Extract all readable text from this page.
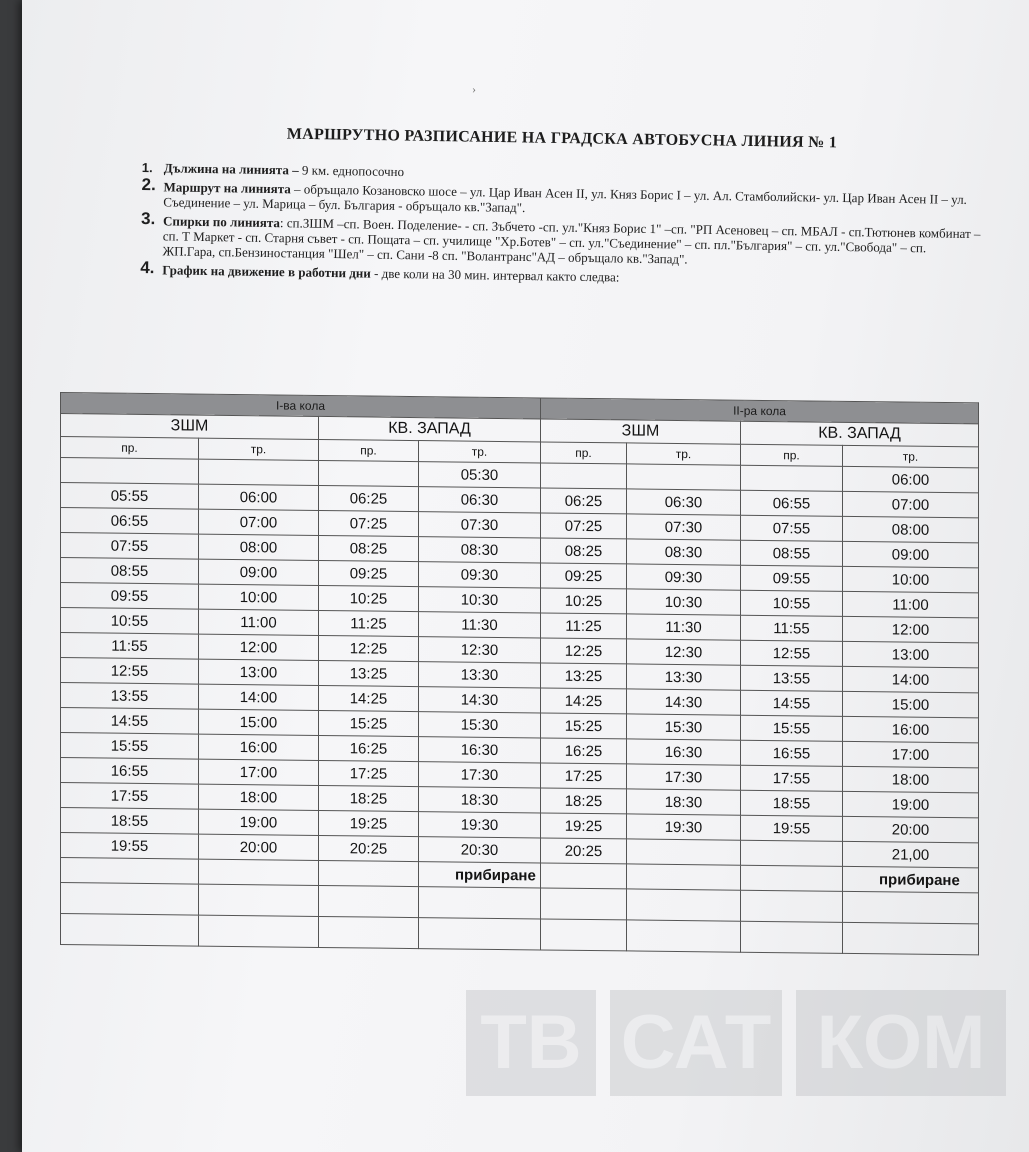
›
МАРШРУТНО РАЗПИСАНИЕ НА ГРАДСКА АВТОБУСНА ЛИНИЯ № 1
1. Дължина на линията – 9 км. еднопосочно
2. Маршрут на линията – обръщало Козановско шосе – ул. Цар Иван Асен II, ул. Княз Борис I – ул. Ал. Стамболийски- ул. Цар Иван Асен II – ул. Съединение – ул. Марица – бул. България - обръщало кв."Запад".
3. Спирки по линията: сп.ЗШМ –сп. Воен. Поделение- - сп. Зъбчето -сп. ул."Княз Борис 1" –сп. "РП Асеновец – сп. МБАЛ - сп.Тютюнев комбинат – сп. Т Маркет - сп. Старня съвет - сп. Пощата – сп. училище "Хр.Ботев" – сп. ул."Съединение" – сп. пл."България" – сп. ул."Свобода" – сп. ЖП.Гара, сп.Бензиностанция "Шел" – сп. Сани -8 сп. "Волантранс"АД – обръщало кв."Запад".
4. График на движение в работни дни - две коли на 30 мин. интервал както следва:
I-ва кола				II-ра кола			
ЗШМ		КВ. ЗАПАД		ЗШМ		КВ. ЗАПАД	
пр.	тр.	пр.	тр.	пр.	тр.	пр.	тр.
			05:30				06:00
05:55	06:00	06:25	06:30	06:25	06:30	06:55	07:00
06:55	07:00	07:25	07:30	07:25	07:30	07:55	08:00
07:55	08:00	08:25	08:30	08:25	08:30	08:55	09:00
08:55	09:00	09:25	09:30	09:25	09:30	09:55	10:00
09:55	10:00	10:25	10:30	10:25	10:30	10:55	11:00
10:55	11:00	11:25	11:30	11:25	11:30	11:55	12:00
11:55	12:00	12:25	12:30	12:25	12:30	12:55	13:00
12:55	13:00	13:25	13:30	13:25	13:30	13:55	14:00
13:55	14:00	14:25	14:30	14:25	14:30	14:55	15:00
14:55	15:00	15:25	15:30	15:25	15:30	15:55	16:00
15:55	16:00	16:25	16:30	16:25	16:30	16:55	17:00
16:55	17:00	17:25	17:30	17:25	17:30	17:55	18:00
17:55	18:00	18:25	18:30	18:25	18:30	18:55	19:00
18:55	19:00	19:25	19:30	19:25	19:30	19:55	20:00
19:55	20:00	20:25	20:30	20:25			21,00
			прибиране				прибиране

ТВ САТ КОМ
